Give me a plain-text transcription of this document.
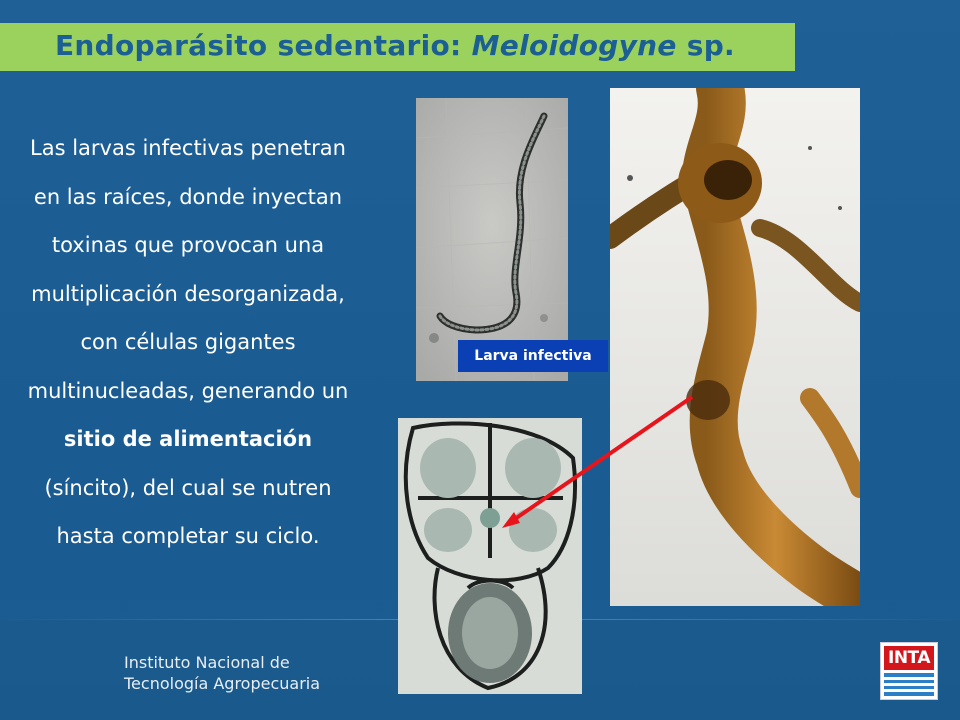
Endoparásito sedentario: Meloidogyne sp.
Las larvas infectivas penetran en las raíces, donde inyectan toxinas que provocan una multiplicación desorganizada, con células gigantes multinucleadas, generando un sitio de alimentación (síncito), del cual se nutren hasta completar su ciclo.
Larva infectiva
Instituto Nacional de
Tecnología Agropecuaria
INTA
